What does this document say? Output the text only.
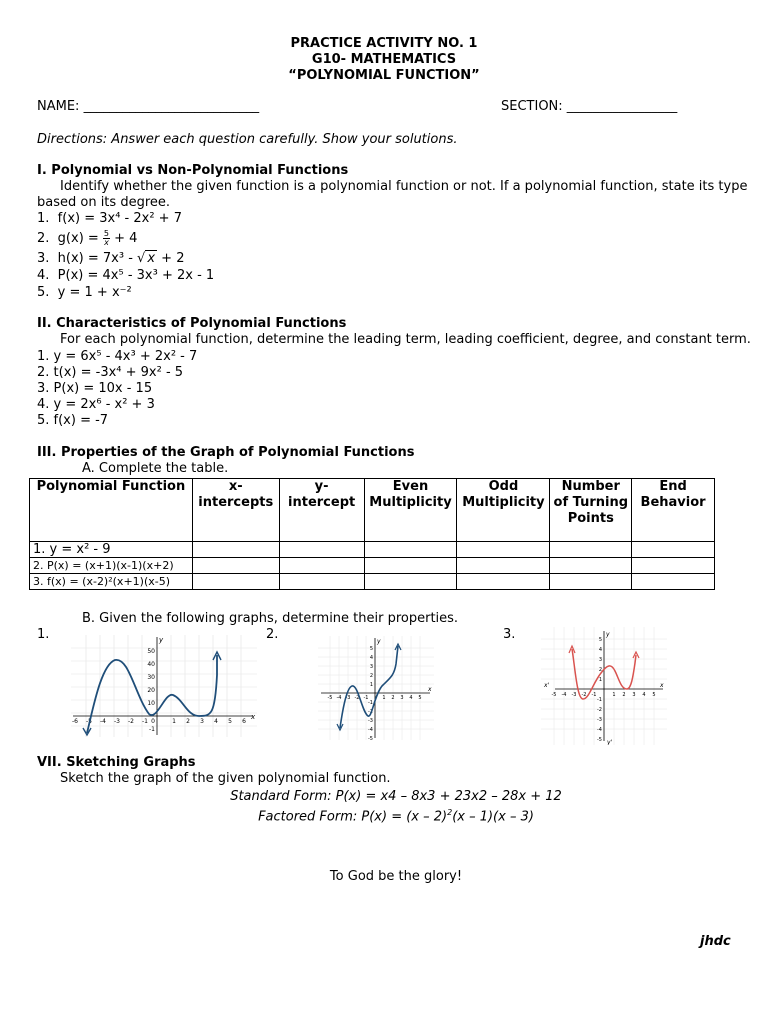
PRACTICE ACTIVITY NO. 1
G10- MATHEMATICS
“POLYNOMIAL FUNCTION”
NAME: ___________________________	SECTION: _________________
Directions: Answer each question carefully. Show your solutions.
I. Polynomial vs Non-Polynomial Functions
Identify whether the given function is a polynomial function or not. If a polynomial function, state its type
based on its degree.
1. f(x) = 3x⁴ - 2x² + 7
2. $g(x) = \frac{5}{x} + 4$
3. h(x) = 7x³ - √ x + 2
4. P(x) = 4x⁵ - 3x³ + 2x - 1
5. y = 1 + x⁻²
II. Characteristics of Polynomial Functions
For each polynomial function, determine the leading term, leading coefficient, degree, and constant term.
1. y = 6x⁵ - 4x³ + 2x² - 7
2. t(x) = -3x⁴ + 9x² - 5
3. P(x) = 10x - 15
4. y = 2x⁶ - x² + 3
5. f(x) = -7
III. Properties of the Graph of Polynomial Functions
A. Complete the table.
Polynomial Function	x-intercepts	y-intercept	Even Multiplicity	Odd Multiplicity	Number of Turning Points	End Behavior
1. y = x² - 9						
2. P(x) = (x+1)(x-1)(x+2)						
3. f(x) = (x-2)²(x+1)(x-5)						
B. Given the following graphs, determine their properties.
1.	2.	3.
y
x
50
40
30
20
10
-1
-6 -5 -4 -3 -2 -1 0	1 2 3 4 5 6
y
x
-5 -4 -3 -2 -1	1 2 3 4 5
5
4
3
2
1
-1
-2
-3
-4
-5
y
y'
x
x'
-5 -4 -3 -2 -1	1 2 3 4 5
5
4
3
2
1
-1
-2
-3
-4
-5
VII. Sketching Graphs
Sketch the graph of the given polynomial function.
Standard Form: P(x) = x4 – 8x3 + 23x2 – 28x + 12
Factored Form: P(x) = (x – 2)$^2$(x – 1)(x – 3)
To God be the glory!
jhdc
